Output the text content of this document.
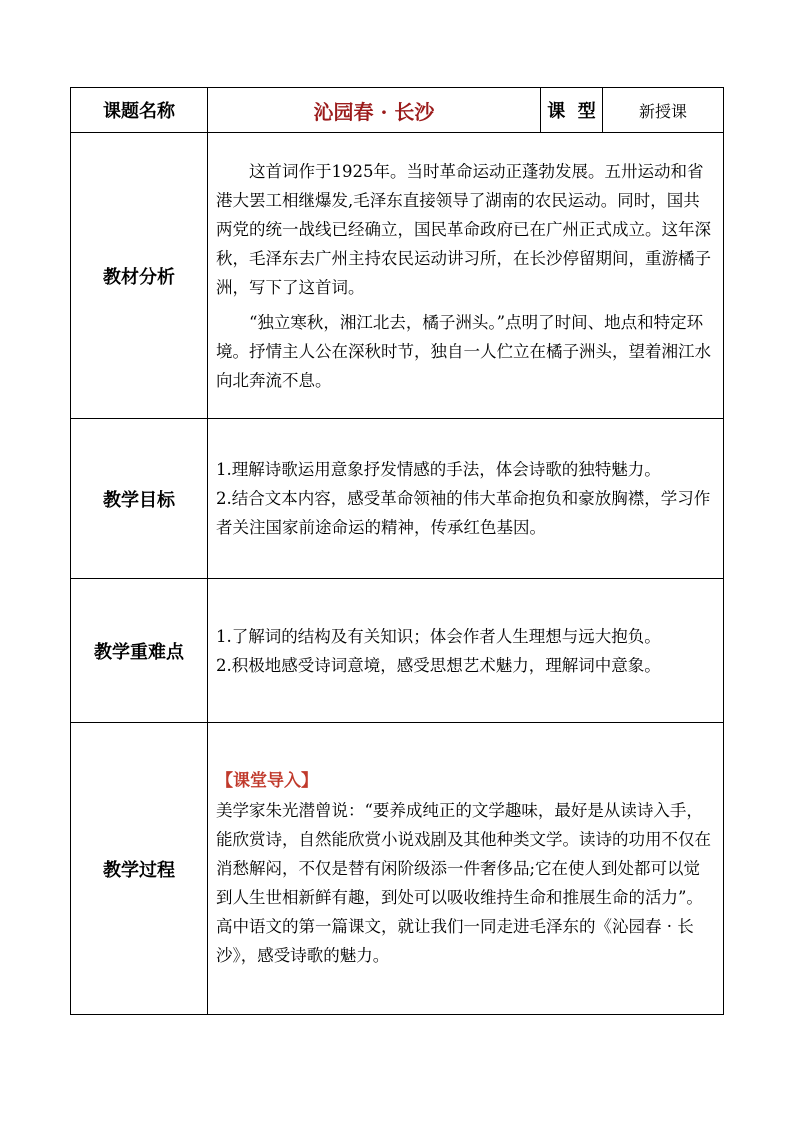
课题名称	沁园春 · 长沙	课  型	新授课
教材分析	这首词作于1925年。当时革命运动正蓬勃发展。五卅运动和省港大罢工相继爆发,毛泽东直接领导了湖南的农民运动。同时，国共两党的统一战线已经确立，国民革命政府已在广州正式成立。这年深秋，毛泽东去广州主持农民运动讲习所，在长沙停留期间，重游橘子洲，写下了这首词。

“独立寒秋，湘江北去，橘子洲头。”点明了时间、地点和特定环境。抒情主人公在深秋时节，独自一人伫立在橘子洲头，望着湘江水向北奔流不息。		

教学目标	1.理解诗歌运用意象抒发情感的手法，体会诗歌的独特魅力。

2.结合文本内容，感受革命领袖的伟大革命抱负和豪放胸襟，学习作者关注国家前途命运的精神，传承红色基因。		

教学重难点	1.了解词的结构及有关知识；体会作者人生理想与远大抱负。

2.积极地感受诗词意境，感受思想艺术魅力，理解词中意象。		

教学过程	【课堂导入】

美学家朱光潜曾说：“要养成纯正的文学趣味，最好是从读诗入手，能欣赏诗，自然能欣赏小说戏剧及其他种类文学。读诗的功用不仅在消愁解闷，不仅是替有闲阶级添一件奢侈品;它在使人到处都可以觉到人生世相新鲜有趣，到处可以吸收维持生命和推展生命的活力”。高中语文的第一篇课文，就让我们一同走进毛泽东的《沁园春 · 长沙》，感受诗歌的魅力。		
